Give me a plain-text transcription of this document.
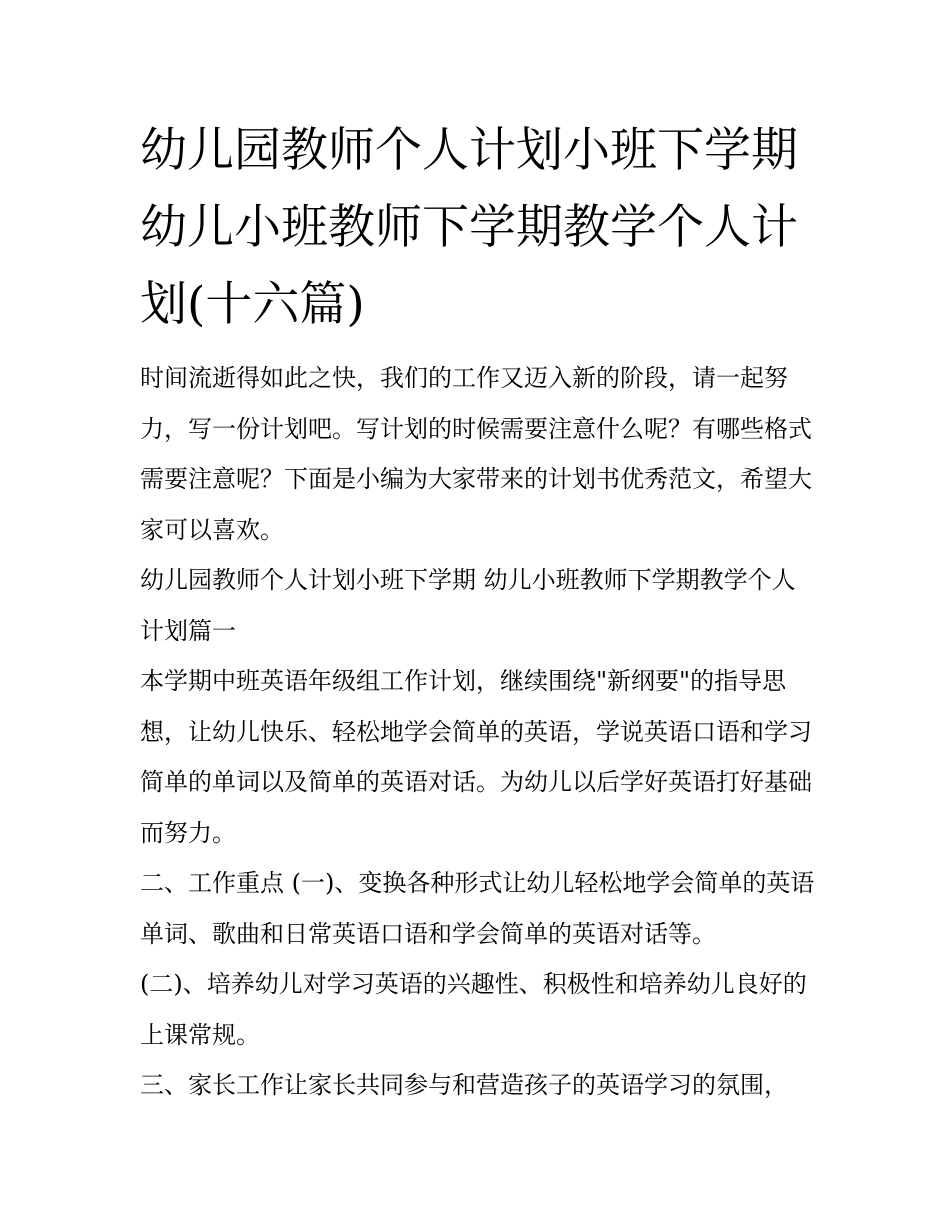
幼儿园教师个人计划小班下学期 幼儿小班教师下学期教学个人计划(十六篇)

时间流逝得如此之快，我们的工作又迈入新的阶段，请一起努力，写一份计划吧。写计划的时候需要注意什么呢？有哪些格式需要注意呢？下面是小编为大家带来的计划书优秀范文，希望大家可以喜欢。

幼儿园教师个人计划小班下学期 幼儿小班教师下学期教学个人计划篇一

本学期中班英语年级组工作计划，继续围绕"新纲要"的指导思想，让幼儿快乐、轻松地学会简单的英语，学说英语口语和学习简单的单词以及简单的英语对话。为幼儿以后学好英语打好基础而努力。

二、工作重点 (一)、变换各种形式让幼儿轻松地学会简单的英语单词、歌曲和日常英语口语和学会简单的英语对话等。

(二)、培养幼儿对学习英语的兴趣性、积极性和培养幼儿良好的上课常规。

三、家长工作让家长共同参与和营造孩子的英语学习的氛围，
